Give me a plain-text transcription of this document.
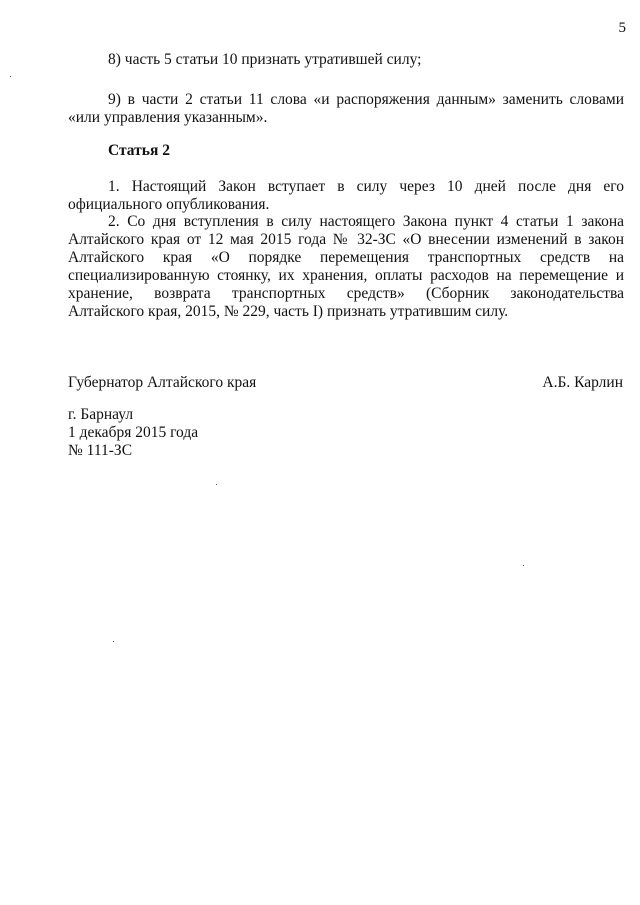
5
8) часть 5 статьи 10 признать утратившей силу;
9) в части 2 статьи 11 слова «и распоряжения данным» заменить словами
«или управления указанным».
Статья 2
1. Настоящий Закон вступает в силу через 10 дней после дня его
официального опубликования.
2. Со дня вступления в силу настоящего Закона пункт 4 статьи 1 закона
Алтайского края от 12 мая 2015 года № 32-ЗС «О внесении изменений в закон
Алтайского края «О порядке перемещения транспортных средств на
специализированную стоянку, их хранения, оплаты расходов на перемещение и
хранение, возврата транспортных средств» (Сборник законодательства
Алтайского края, 2015, № 229, часть I) признать утратившим силу.
Губернатор Алтайского края	А.Б. Карлин
г. Барнаул
1 декабря 2015 года
№ 111-ЗС
